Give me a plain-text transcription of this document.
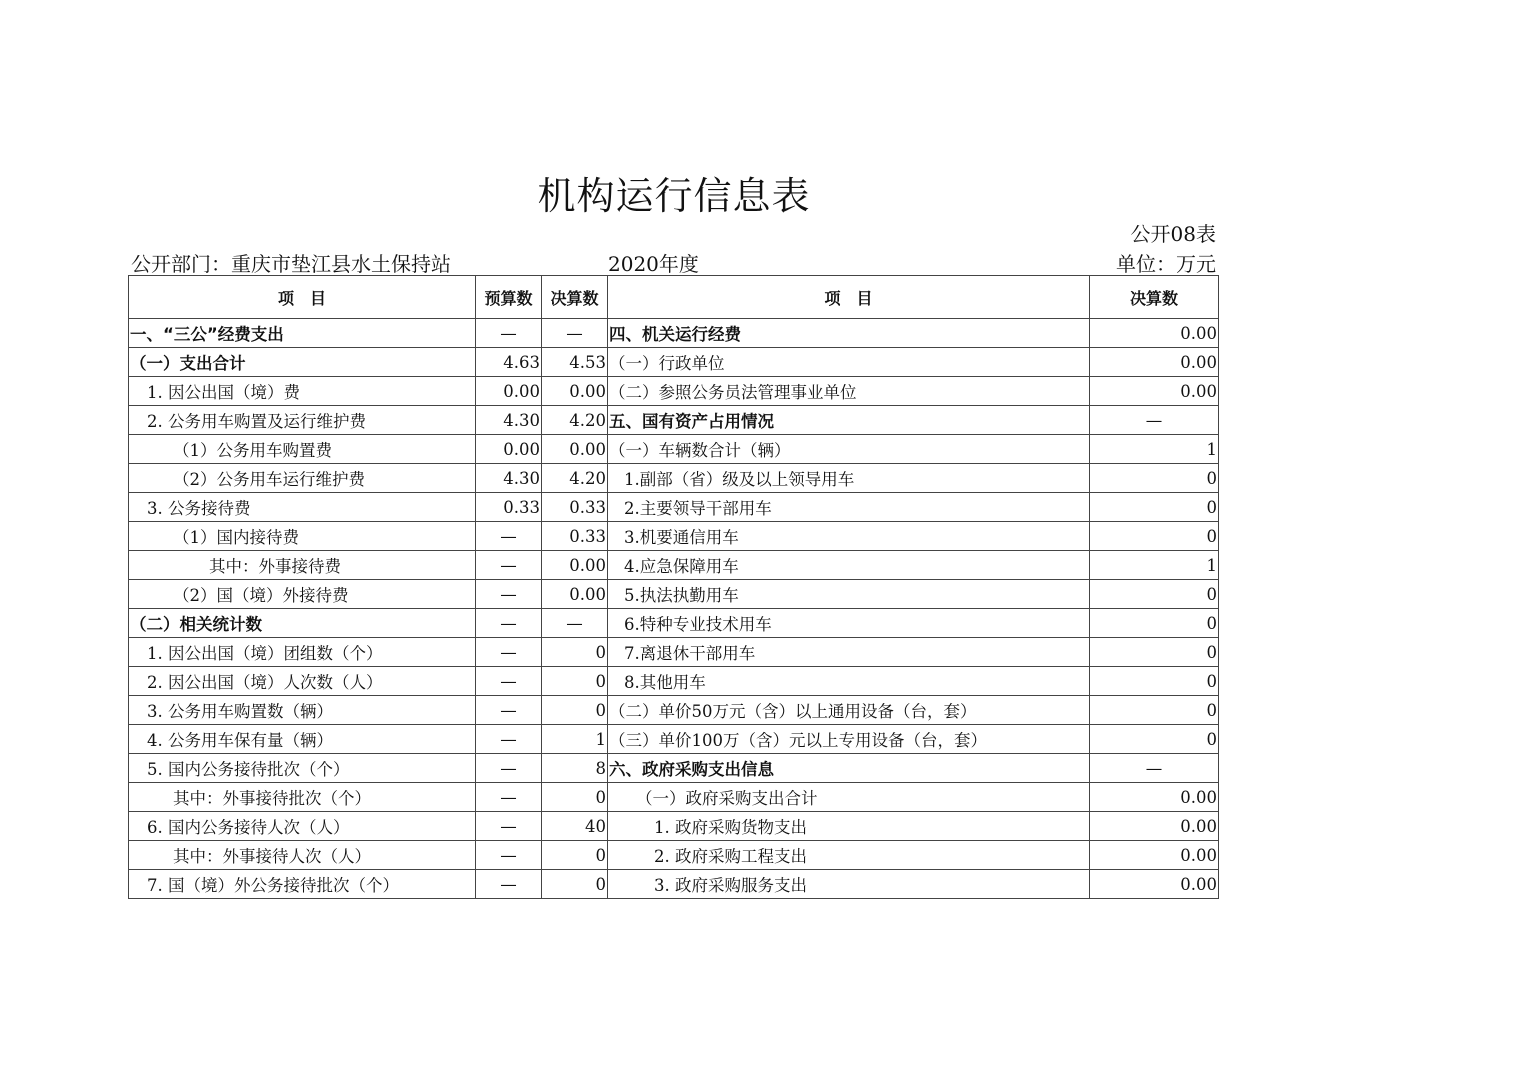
机构运行信息表
公开08表
公开部门：重庆市垫江县水土保持站	2020年度	单位：万元
项　目	预算数	决算数	项　目	决算数
一、“三公”经费支出	—	—	四、机关运行经费	0.00
（一）支出合计	4.63	4.53	（一）行政单位	0.00
1. 因公出国（境）费	0.00	0.00	（二）参照公务员法管理事业单位	0.00
2. 公务用车购置及运行维护费	4.30	4.20	五、国有资产占用情况	—
（1）公务用车购置费	0.00	0.00	（一）车辆数合计（辆）	1
（2）公务用车运行维护费	4.30	4.20	1.副部（省）级及以上领导用车	0
3. 公务接待费	0.33	0.33	2.主要领导干部用车	0
（1）国内接待费	—	0.33	3.机要通信用车	0
其中：外事接待费	—	0.00	4.应急保障用车	1
（2）国（境）外接待费	—	0.00	5.执法执勤用车	0
（二）相关统计数	—	—	6.特种专业技术用车	0
1. 因公出国（境）团组数（个）	—	0	7.离退休干部用车	0
2. 因公出国（境）人次数（人）	—	0	8.其他用车	0
3. 公务用车购置数（辆）	—	0	（二）单价50万元（含）以上通用设备（台，套）	0
4. 公务用车保有量（辆）	—	1	（三）单价100万（含）元以上专用设备（台，套）	0
5. 国内公务接待批次（个）	—	8	六、政府采购支出信息	—
其中：外事接待批次（个）	—	0	（一）政府采购支出合计	0.00
6. 国内公务接待人次（人）	—	40	1. 政府采购货物支出	0.00
其中：外事接待人次（人）	—	0	2. 政府采购工程支出	0.00
7. 国（境）外公务接待批次（个）	—	0	3. 政府采购服务支出	0.00
